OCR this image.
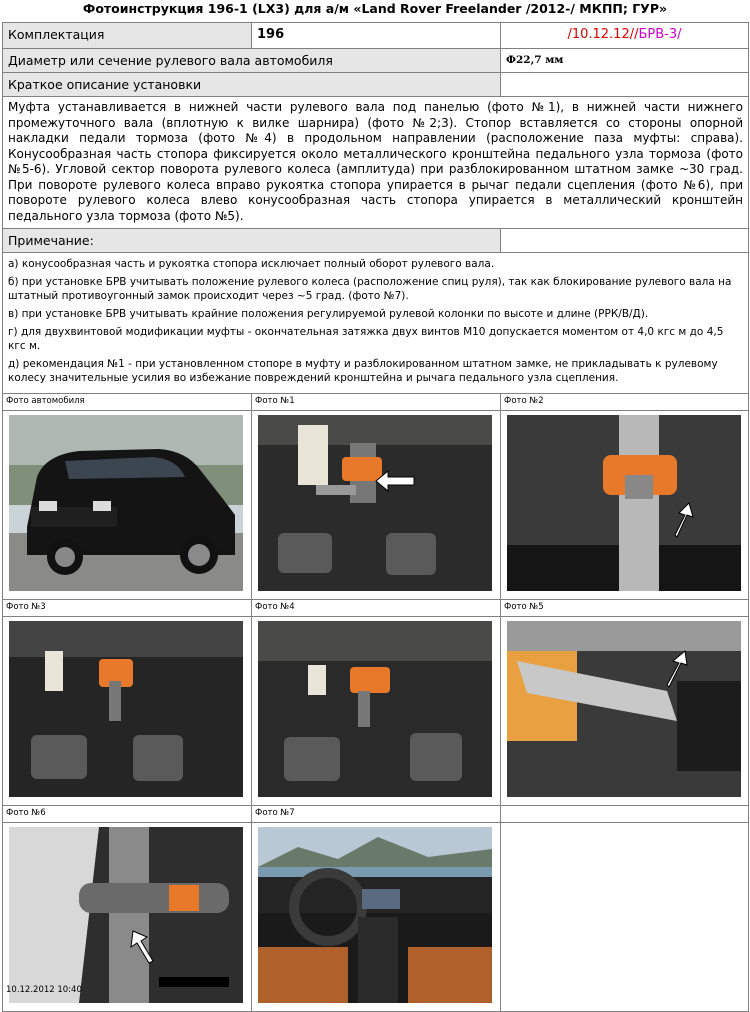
Фотоинструкция 196-1 (LX3) для а/м «Land Rover Freelander /2012-/ МКПП; ГУР»
Комплектация	196	/10.12.12//БРВ-3/
Диаметр или сечение рулевого вала автомобиля		Ф22,7 мм
Краткое описание установки		
Муфта устанавливается в нижней части рулевого вала под панелью (фото №1), в нижней части нижнего промежуточного вала (вплотную к вилке шарнира) (фото №2;3). Стопор вставляется со стороны опорной накладки педали тормоза (фото №4) в продольном направлении (расположение паза муфты: справа). Конусообразная часть стопора фиксируется около металлического кронштейна педального узла тормоза (фото №5-6). Угловой сектор поворота рулевого колеса (амплитуда) при разблокированном штатном замке ~30 град. При повороте рулевого колеса вправо рукоятка стопора упирается в рычаг педали сцепления (фото №6), при повороте рулевого колеса влево конусообразная часть стопора упирается в металлический кронштейн педального узла тормоза (фото №5).		
Примечание:		

а) конусообразная часть и рукоятка стопора исключает полный оборот рулевого вала.

б) при установке БРВ учитывать положение рулевого колеса (расположение спиц руля), так как блокирование рулевого вала на штатный противоугонный замок происходит через ~5 град. (фото №7).

в) при установке БРВ учитывать крайние положения регулируемой рулевой колонки по высоте и длине (РРК/В/Д).

г) для двухвинтовой модификации муфты - окончательная затяжка двух винтов М10 допускается моментом от 4,0 кгс м до 4,5 кгс м.

д) рекомендация №1 - при установленном стопоре в муфту и разблокированном штатном замке, не прикладывать к рулевому колесу значительные усилия во избежание повреждений кронштейна и рычага педального узла сцепления.		

Фото автомобиля	Фото №1	Фото №2

Фото №3	Фото №4	Фото №5

Фото №6	Фото №7	

10.12.2012 10:40
